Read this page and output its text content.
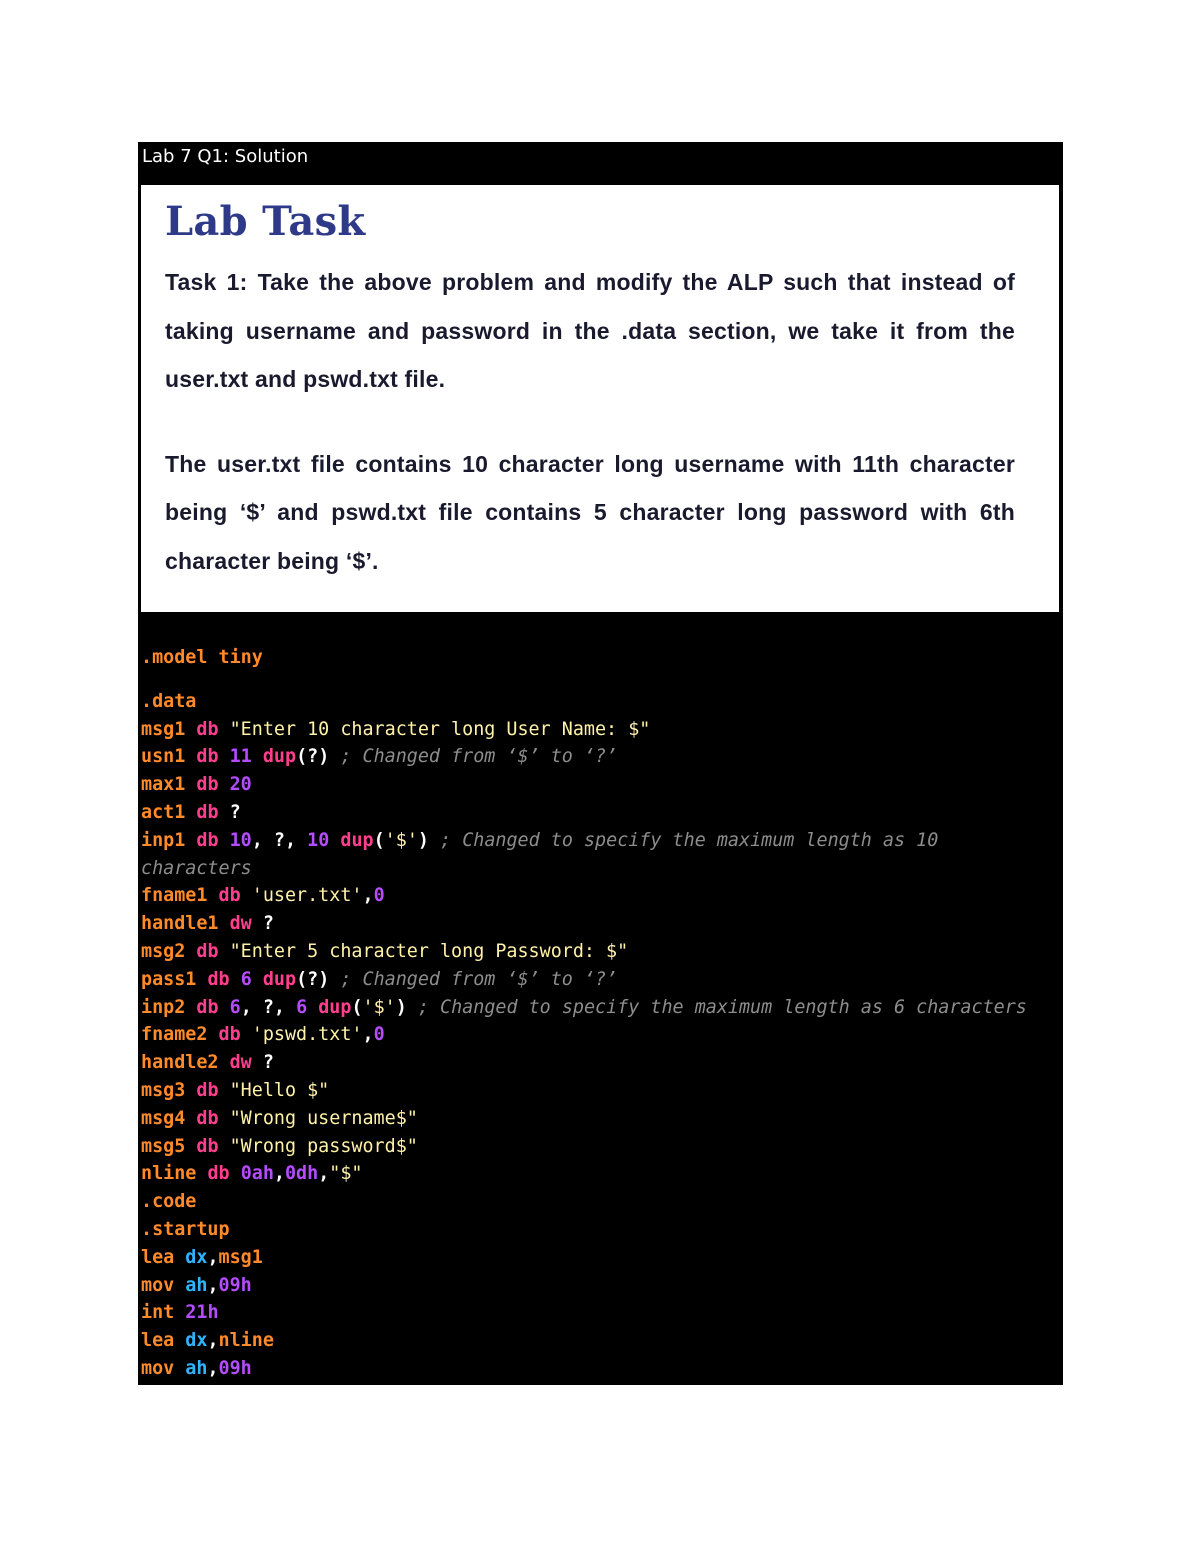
Lab 7 Q1: Solution
Lab Task

Task 1: Take the above problem and modify the ALP such that instead of taking username and password in the .data section, we take it from the user.txt and pswd.txt file.

The user.txt file contains 10 character long username with 11th character being ‘$’ and pswd.txt file contains 5 character long password with 6th character being ‘$’.

.model tiny
.data
msg1 db "Enter 10 character long User Name: $"
usn1 db 11 dup(?) ; Changed from ‘$’ to ‘?’
max1 db 20
act1 db ?
inp1 db 10, ?, 10 dup('$') ; Changed to specify the maximum length as 10
characters
fname1 db 'user.txt',0
handle1 dw ?
msg2 db "Enter 5 character long Password: $"
pass1 db 6 dup(?) ; Changed from ‘$’ to ‘?’
inp2 db 6, ?, 6 dup('$') ; Changed to specify the maximum length as 6 characters
fname2 db 'pswd.txt',0
handle2 dw ?
msg3 db "Hello $"
msg4 db "Wrong username$"
msg5 db "Wrong password$"
nline db 0ah,0dh,"$"
.code
.startup
lea dx,msg1
mov ah,09h
int 21h
lea dx,nline
mov ah,09h
